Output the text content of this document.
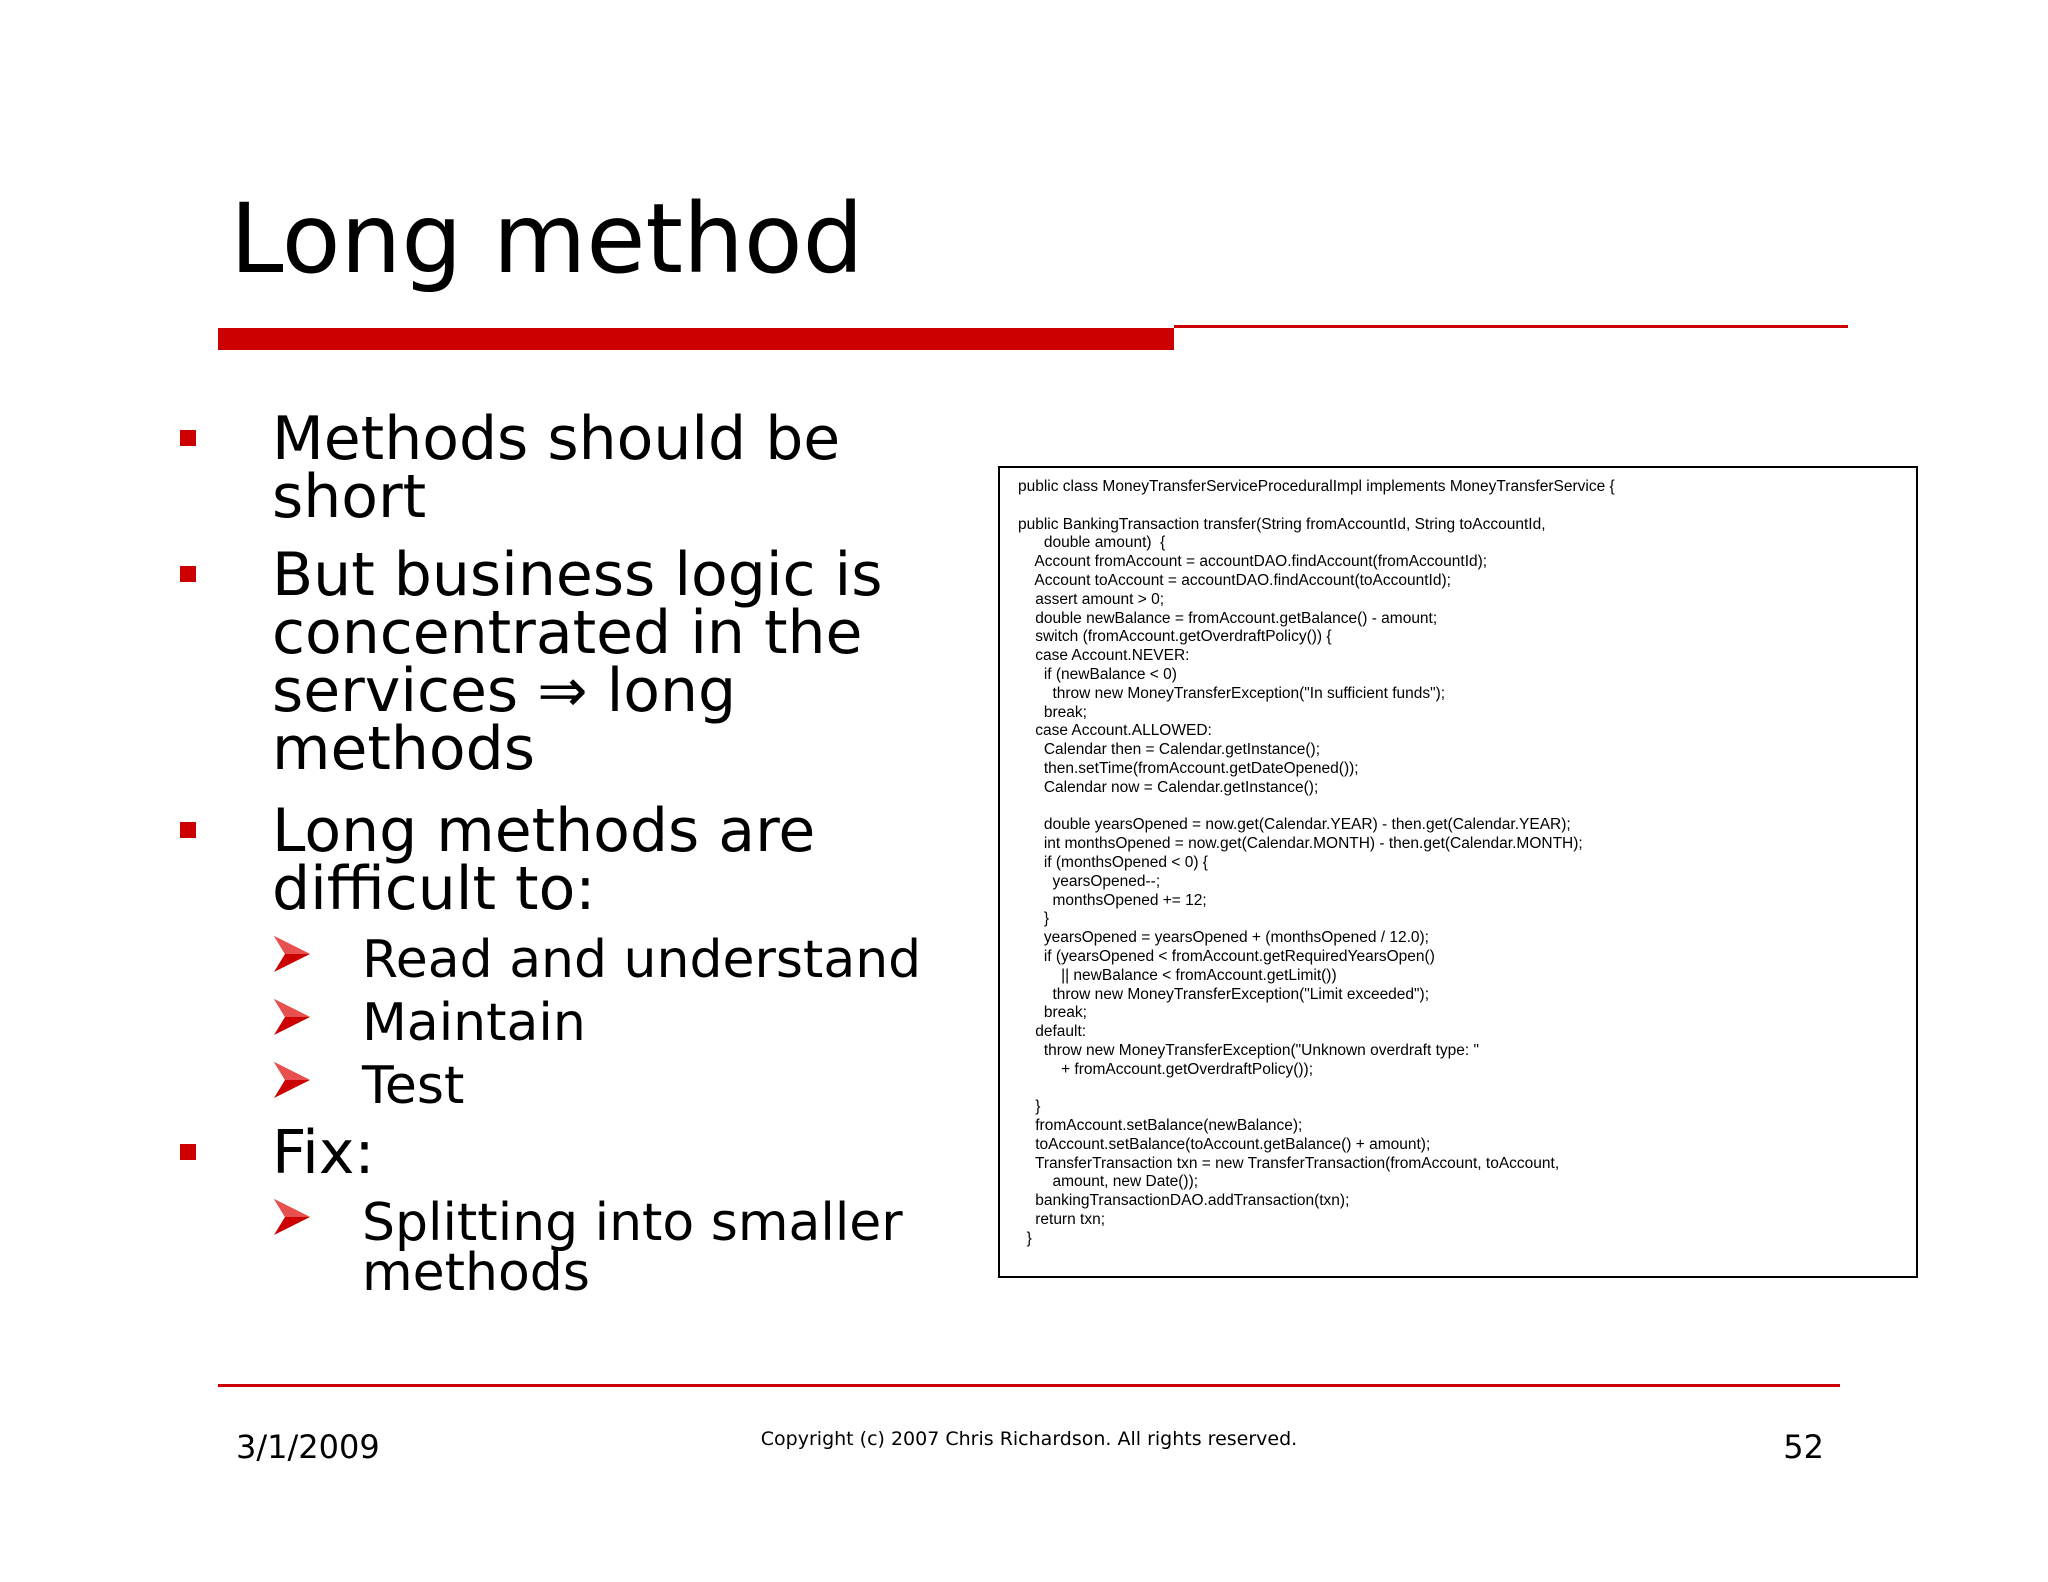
Long method
Methods should be
short
But business logic is
concentrated in the
services ⇒ long
methods
Long methods are
difficult to:
Read and understand
Maintain
Test
Fix:
Splitting into smaller
methods
public class MoneyTransferServiceProceduralImpl implements MoneyTransferService {

public BankingTransaction transfer(String fromAccountId, String toAccountId,
double amount)  {
Account fromAccount = accountDAO.findAccount(fromAccountId);
Account toAccount = accountDAO.findAccount(toAccountId);
assert amount > 0;
double newBalance = fromAccount.getBalance() - amount;
switch (fromAccount.getOverdraftPolicy()) {
case Account.NEVER:
if (newBalance < 0)
throw new MoneyTransferException("In sufficient funds");
break;
case Account.ALLOWED:
Calendar then = Calendar.getInstance();
then.setTime(fromAccount.getDateOpened());
Calendar now = Calendar.getInstance();

double yearsOpened = now.get(Calendar.YEAR) - then.get(Calendar.YEAR);
int monthsOpened = now.get(Calendar.MONTH) - then.get(Calendar.MONTH);
if (monthsOpened < 0) {
yearsOpened--;
monthsOpened += 12;
}
yearsOpened = yearsOpened + (monthsOpened / 12.0);
if (yearsOpened < fromAccount.getRequiredYearsOpen()
|| newBalance < fromAccount.getLimit())
throw new MoneyTransferException("Limit exceeded");
break;
default:
throw new MoneyTransferException("Unknown overdraft type: "
+ fromAccount.getOverdraftPolicy());

}
fromAccount.setBalance(newBalance);
toAccount.setBalance(toAccount.getBalance() + amount);
TransferTransaction txn = new TransferTransaction(fromAccount, toAccount,
amount, new Date());
bankingTransactionDAO.addTransaction(txn);
return txn;
}
3/1/2009	Copyright (c) 2007 Chris Richardson. All rights reserved.	52
